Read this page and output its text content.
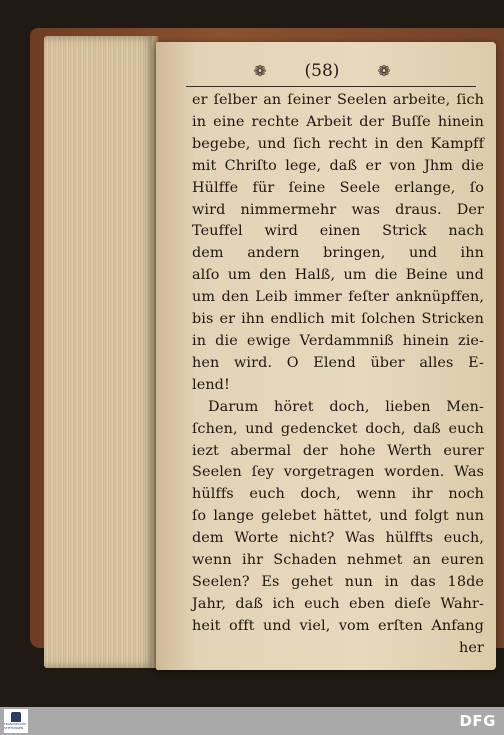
❁ (58)	❁
er ſelber an ſeiner Seelen arbeite, ſich
in eine rechte Arbeit der Buſſe hinein
begebe, und ſich recht in den Kampff
mit Chriſto lege, daß er von Jhm die
Hülffe für ſeine Seele erlange, ſo
wird nimmermehr was draus. Der
Teuffel wird einen Strick nach
dem andern bringen, und ihn
alſo um den Halß, um die Beine und
um den Leib immer feſter anknüpffen,
bis er ihn endlich mit ſolchen Stricken
in die ewige Verdammniß hinein zie-
hen wird. O Elend über alles E-
lend!
Darum höret doch, lieben Men-
ſchen, und gedencket doch, daß euch
iezt abermal der hohe Werth eurer
Seelen ſey vorgetragen worden. Was
hülffs euch doch, wenn ihr noch
ſo lange gelebet hättet, und folgt nun
dem Worte nicht? Was hülffts euch,
wenn ihr Schaden nehmet an euren
Seelen? Es gehet nun in das 18de
Jahr, daß ich euch eben dieſe Wahr-
heit offt und viel, vom erſten Anfang
her
FRANCKESCHE STIFTUNGEN	DFG
